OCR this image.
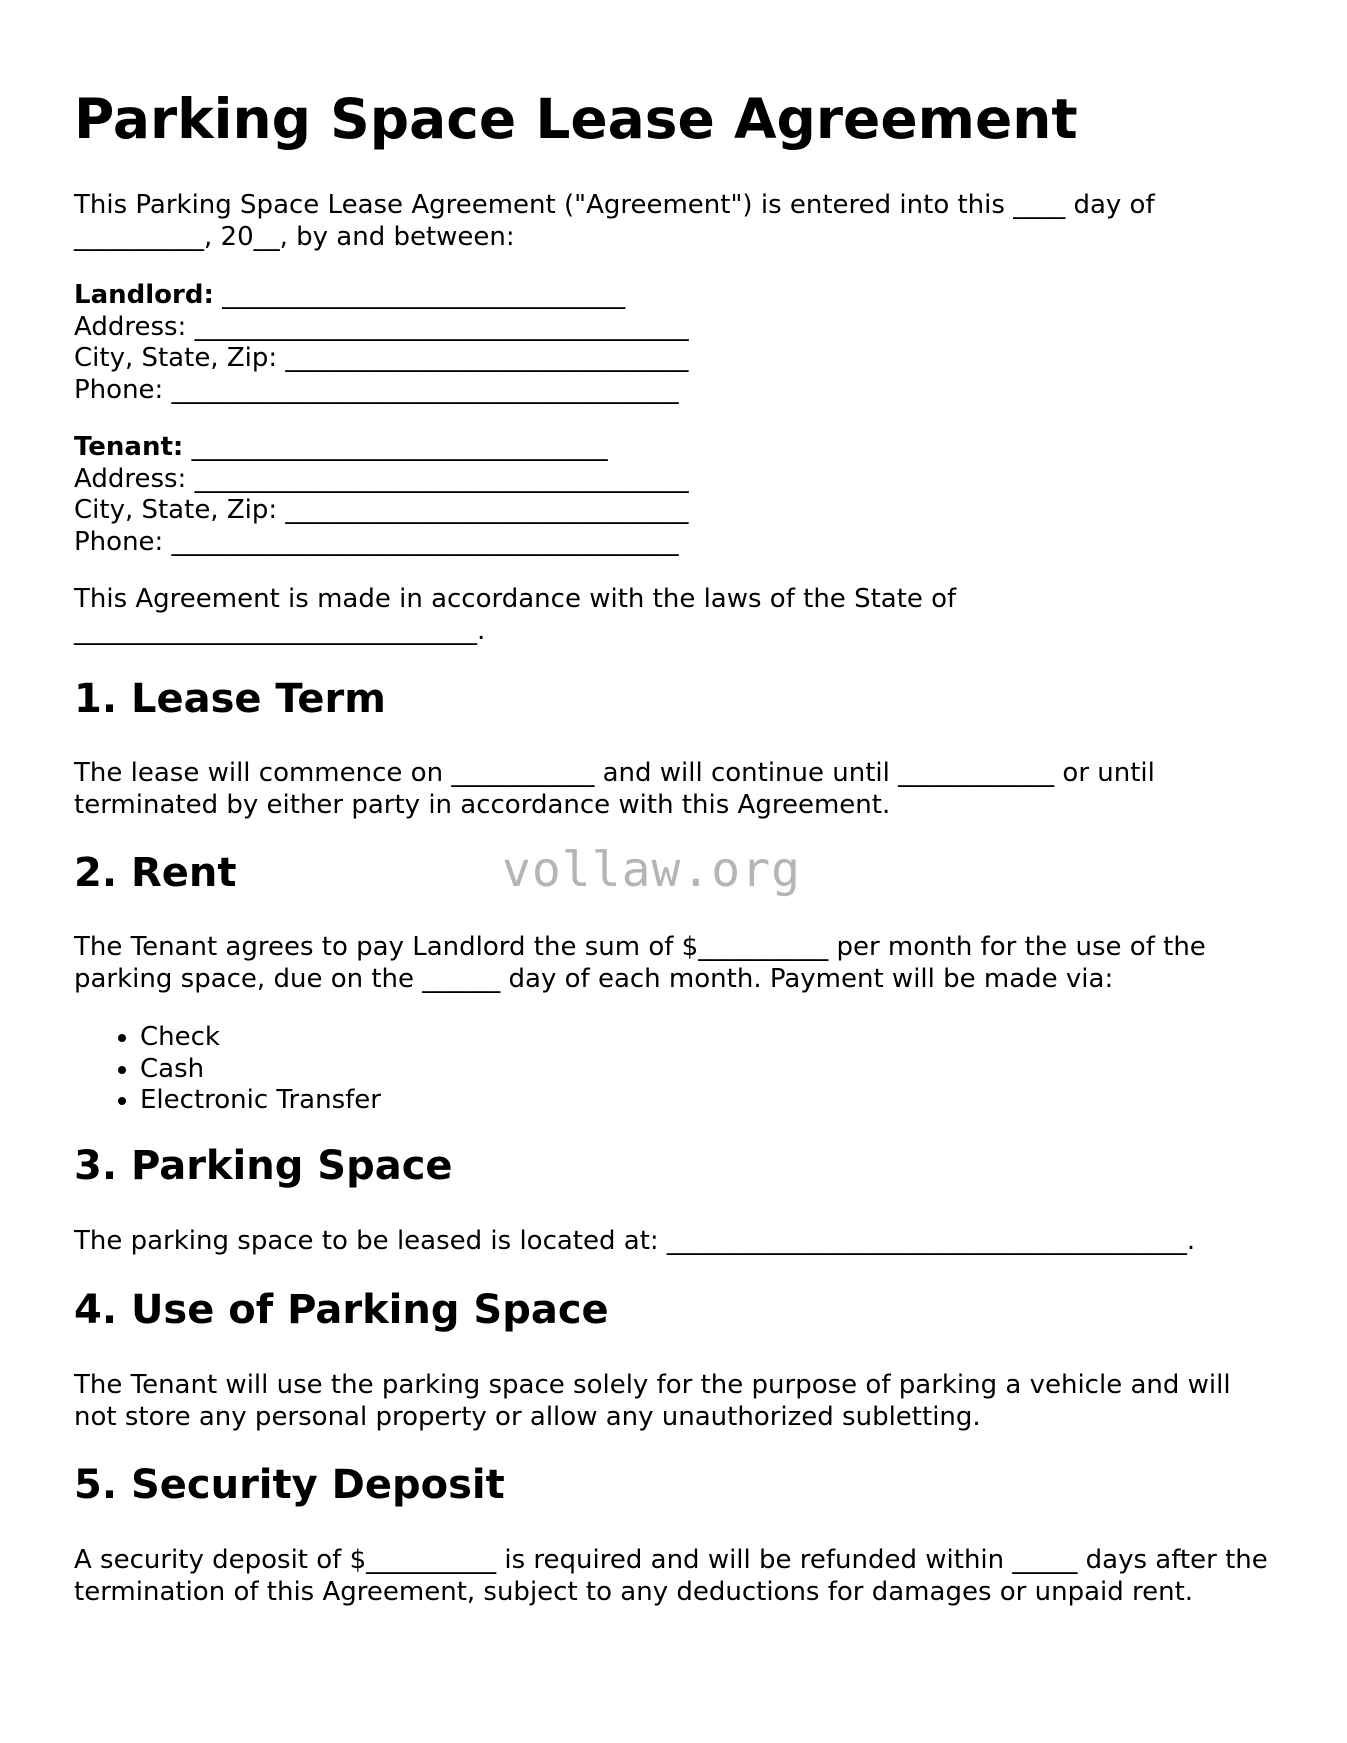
Parking Space Lease Agreement

This Parking Space Lease Agreement ("Agreement") is entered into this ____ day of __________, 20__, by and between:

Landlord: _______________________________
Address: ______________________________________
City, State, Zip: _______________________________
Phone: _______________________________________
Tenant: ________________________________
Address: ______________________________________
City, State, Zip: _______________________________
Phone: _______________________________________

This Agreement is made in accordance with the laws of the State of _______________________________.

1. Lease Term

The lease will commence on ___________ and will continue until ____________ or until terminated by either party in accordance with this Agreement.

2. Rent

The Tenant agrees to pay Landlord the sum of $__________ per month for the use of the parking space, due on the ______ day of each month. Payment will be made via:

• Check
• Cash
• Electronic Transfer
3. Parking Space

The parking space to be leased is located at: ________________________________________.

4. Use of Parking Space

The Tenant will use the parking space solely for the purpose of parking a vehicle and will not store any personal property or allow any unauthorized subletting.

5. Security Deposit

A security deposit of $__________ is required and will be refunded within _____ days after the termination of this Agreement, subject to any deductions for damages or unpaid rent.

vollaw.org
